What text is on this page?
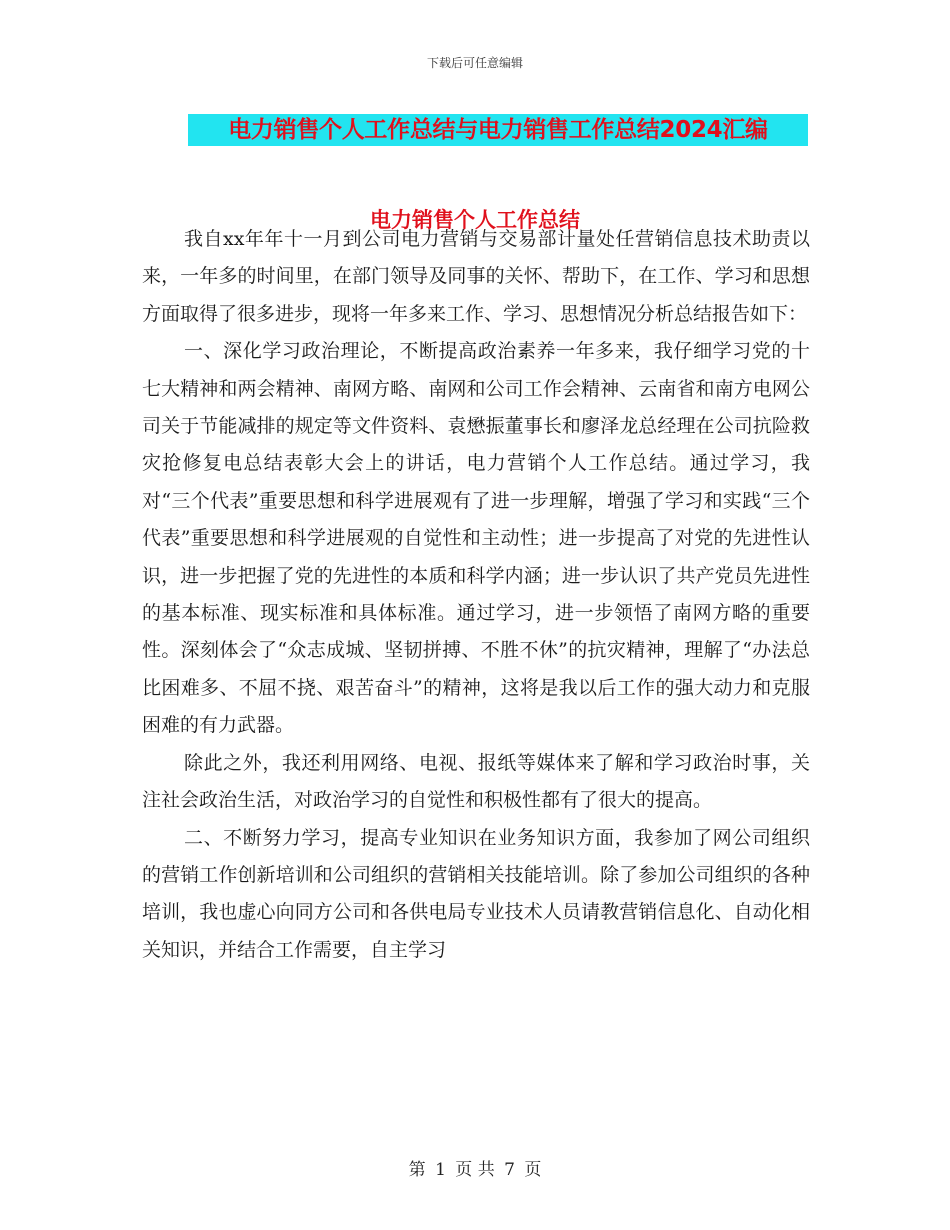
下载后可任意编辑
电力销售个人工作总结与电力销售工作总结2024汇编
电力销售个人工作总结

我自xx年年十一月到公司电力营销与交易部计量处任营销信息技术助责以来，一年多的时间里，在部门领导及同事的关怀、帮助下，在工作、学习和思想方面取得了很多进步，现将一年多来工作、学习、思想情况分析总结报告如下：

一、深化学习政治理论，不断提高政治素养一年多来，我仔细学习党的十七大精神和两会精神、南网方略、南网和公司工作会精神、云南省和南方电网公司关于节能减排的规定等文件资料、袁懋振董事长和廖泽龙总经理在公司抗险救灾抢修复电总结表彰大会上的讲话，电力营销个人工作总结。通过学习，我对“三个代表”重要思想和科学进展观有了进一步理解，增强了学习和实践“三个代表”重要思想和科学进展观的自觉性和主动性；进一步提高了对党的先进性认识，进一步把握了党的先进性的本质和科学内涵；进一步认识了共产党员先进性的基本标准、现实标准和具体标准。通过学习，进一步领悟了南网方略的重要性。深刻体会了“众志成城、坚韧拼搏、不胜不休”的抗灾精神，理解了“办法总比困难多、不屈不挠、艰苦奋斗”的精神，这将是我以后工作的强大动力和克服困难的有力武器。

除此之外，我还利用网络、电视、报纸等媒体来了解和学习政治时事，关注社会政治生活，对政治学习的自觉性和积极性都有了很大的提高。

二、不断努力学习，提高专业知识在业务知识方面，我参加了网公司组织的营销工作创新培训和公司组织的营销相关技能培训。除了参加公司组织的各种培训，我也虚心向同方公司和各供电局专业技术人员请教营销信息化、自动化相关知识，并结合工作需要，自主学习

第 1 页 共 7 页
